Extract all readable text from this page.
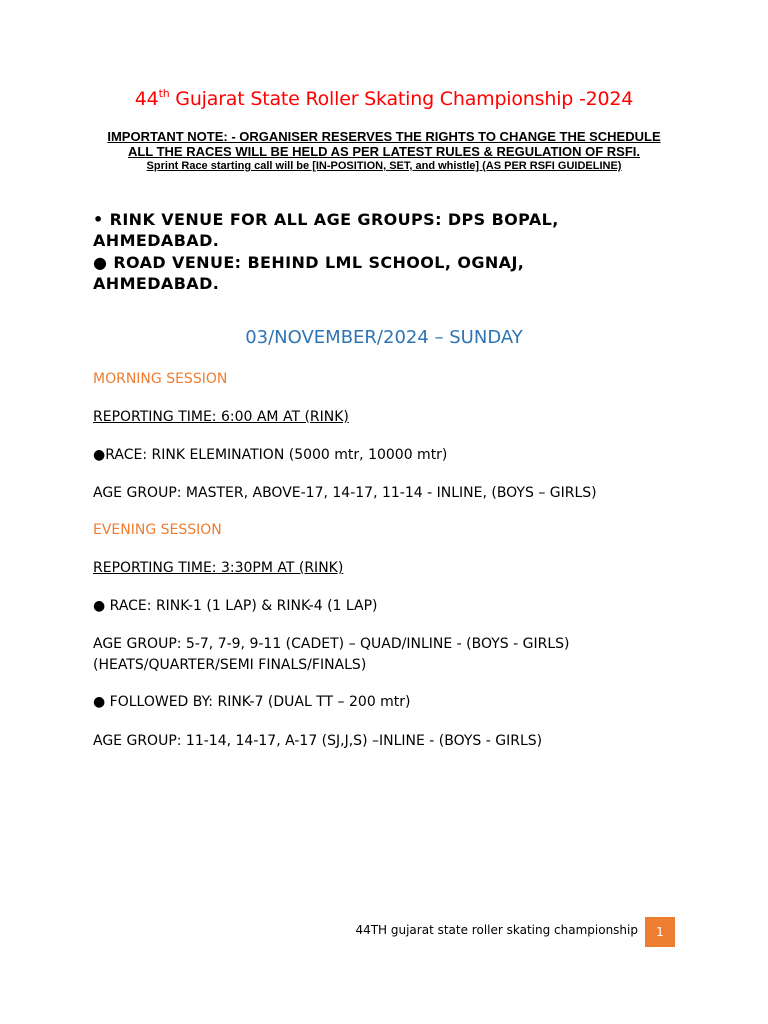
44th Gujarat State Roller Skating Championship -2024
IMPORTANT NOTE: - ORGANISER RESERVES THE RIGHTS TO CHANGE THE SCHEDULE
ALL THE RACES WILL BE HELD AS PER LATEST RULES & REGULATION OF RSFI.
Sprint Race starting call will be [IN-POSITION, SET, and whistle] (AS PER RSFI GUIDELINE)

• RINK VENUE FOR ALL AGE GROUPS: DPS BOPAL, AHMEDABAD.

● ROAD VENUE: BEHIND LML SCHOOL, OGNAJ, AHMEDABAD.

03/NOVEMBER/2024 – SUNDAY
MORNING SESSION
REPORTING TIME: 6:00 AM AT (RINK)
●RACE: RINK ELEMINATION (5000 mtr, 10000 mtr)
AGE GROUP: MASTER, ABOVE-17, 14-17, 11-14 - INLINE, (BOYS – GIRLS)
EVENING SESSION
REPORTING TIME: 3:30PM AT (RINK)
● RACE: RINK-1 (1 LAP) & RINK-4 (1 LAP)
AGE GROUP: 5-7, 7-9, 9-11 (CADET) – QUAD/INLINE - (BOYS - GIRLS)
(HEATS/QUARTER/SEMI FINALS/FINALS)
● FOLLOWED BY: RINK-7 (DUAL TT – 200 mtr)
AGE GROUP: 11-14, 14-17, A-17 (SJ,J,S) –INLINE - (BOYS - GIRLS)
44TH gujarat state roller skating championship	1
